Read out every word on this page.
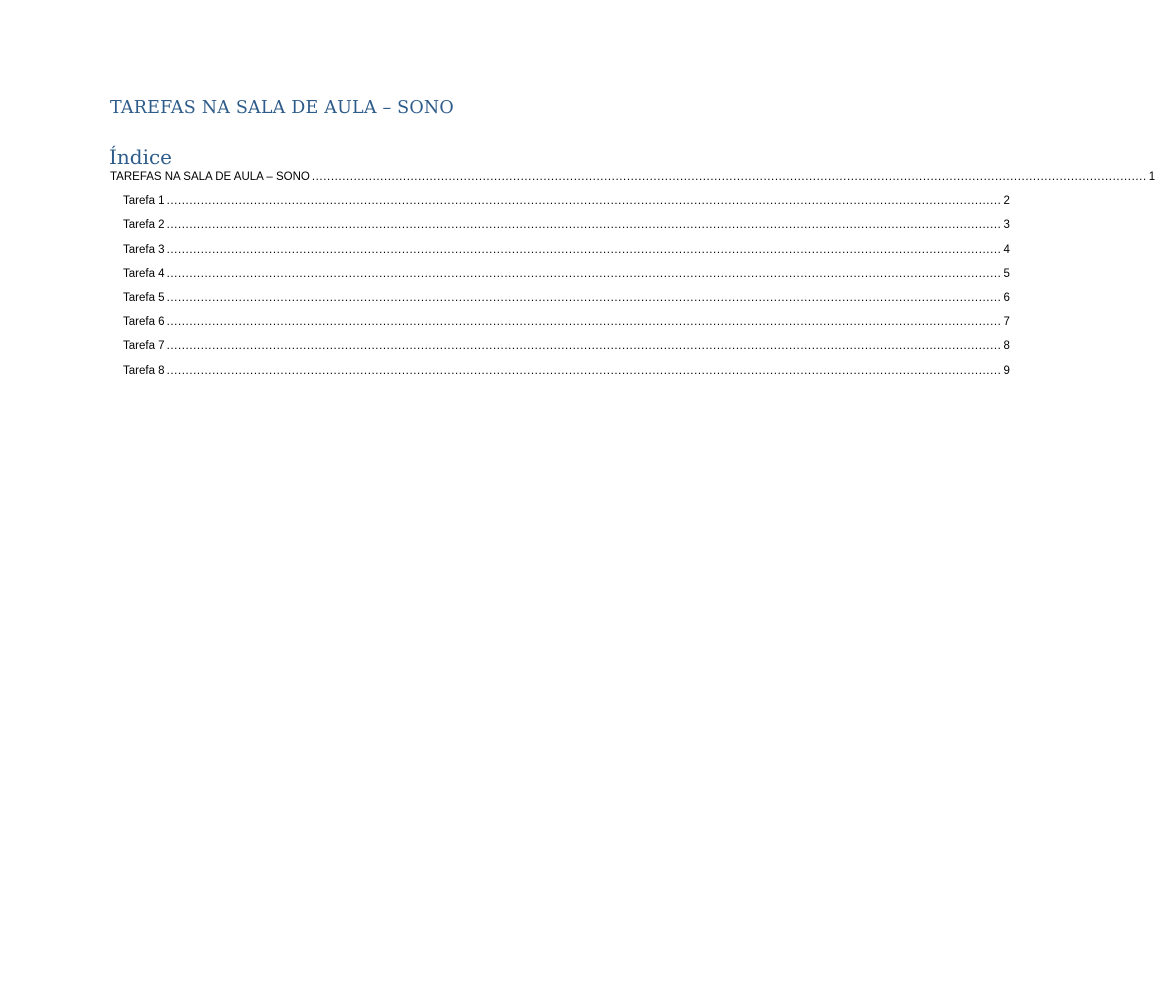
TAREFAS NA SALA DE AULA – SONO
Índice
TAREFAS NA SALA DE AULA – SONO ............................................................................................................................................................................................................................ 1
Tarefa 1 ............................................................................................................................................................................................................................ 2
Tarefa 2 ............................................................................................................................................................................................................................ 3
Tarefa 3 ............................................................................................................................................................................................................................ 4
Tarefa 4 ............................................................................................................................................................................................................................ 5
Tarefa 5 ............................................................................................................................................................................................................................ 6
Tarefa 6 ............................................................................................................................................................................................................................ 7
Tarefa 7 ............................................................................................................................................................................................................................ 8
Tarefa 8 ............................................................................................................................................................................................................................ 9
